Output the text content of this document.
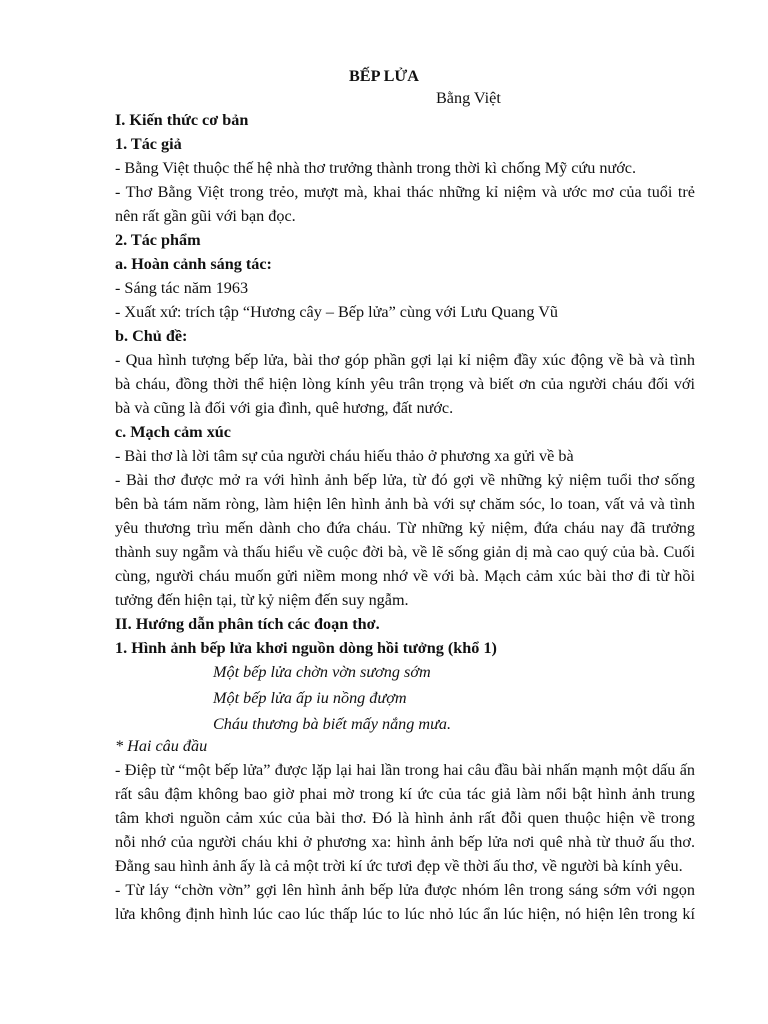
BẾP LỬA
Bằng Việt
I. Kiến thức cơ bản
1. Tác giả
- Bằng Việt thuộc thế hệ nhà thơ trưởng thành trong thời kì chống Mỹ cứu nước.
- Thơ Bằng Việt trong trẻo, mượt mà, khai thác những kỉ niệm và ước mơ của tuổi trẻ
nên rất gần gũi với bạn đọc.
2. Tác phẩm
a. Hoàn cảnh sáng tác:
- Sáng tác năm 1963
- Xuất xứ: trích tập “Hương cây – Bếp lửa” cùng với Lưu Quang Vũ
b. Chủ đề:
- Qua hình tượng bếp lửa, bài thơ góp phần gợi lại kỉ niệm đầy xúc động về bà và tình
bà cháu, đồng thời thể hiện lòng kính yêu trân trọng và biết ơn của người cháu đối với
bà và cũng là đối với gia đình, quê hương, đất nước.
c. Mạch cảm xúc
- Bài thơ là lời tâm sự của người cháu hiếu thảo ở phương xa gửi về bà
- Bài thơ được mở ra với hình ảnh bếp lửa, từ đó gợi về những kỷ niệm tuổi thơ sống
bên bà tám năm ròng, làm hiện lên hình ảnh bà với sự chăm sóc, lo toan, vất vả và tình
yêu thương trìu mến dành cho đứa cháu. Từ những kỷ niệm, đứa cháu nay đã trưởng
thành suy ngẫm và thấu hiểu về cuộc đời bà, về lẽ sống giản dị mà cao quý của bà. Cuối
cùng, người cháu muốn gửi niềm mong nhớ về với bà. Mạch cảm xúc bài thơ đi từ hồi
tưởng đến hiện tại, từ kỷ niệm đến suy ngẫm.
II. Hướng dẫn phân tích các đoạn thơ.
1. Hình ảnh bếp lửa khơi nguồn dòng hồi tưởng (khổ 1)
Một bếp lửa chờn vờn sương sớm
Một bếp lửa ấp iu nồng đượm
Cháu thương bà biết mấy nắng mưa.
* Hai câu đầu
- Điệp từ “một bếp lửa” được lặp lại hai lần trong hai câu đầu bài nhấn mạnh một dấu ấn
rất sâu đậm không bao giờ phai mờ trong kí ức của tác giả làm nổi bật hình ảnh trung
tâm khơi nguồn cảm xúc của bài thơ. Đó là hình ảnh rất đỗi quen thuộc hiện về trong
nỗi nhớ của người cháu khi ở phương xa: hình ảnh bếp lửa nơi quê nhà từ thuở ấu thơ.
Đằng sau hình ảnh ấy là cả một trời kí ức tươi đẹp về thời ấu thơ, về người bà kính yêu.
- Từ láy “chờn vờn” gợi lên hình ảnh bếp lửa được nhóm lên trong sáng sớm với ngọn
lửa không định hình lúc cao lúc thấp lúc to lúc nhỏ lúc ẩn lúc hiện, nó hiện lên trong kí
